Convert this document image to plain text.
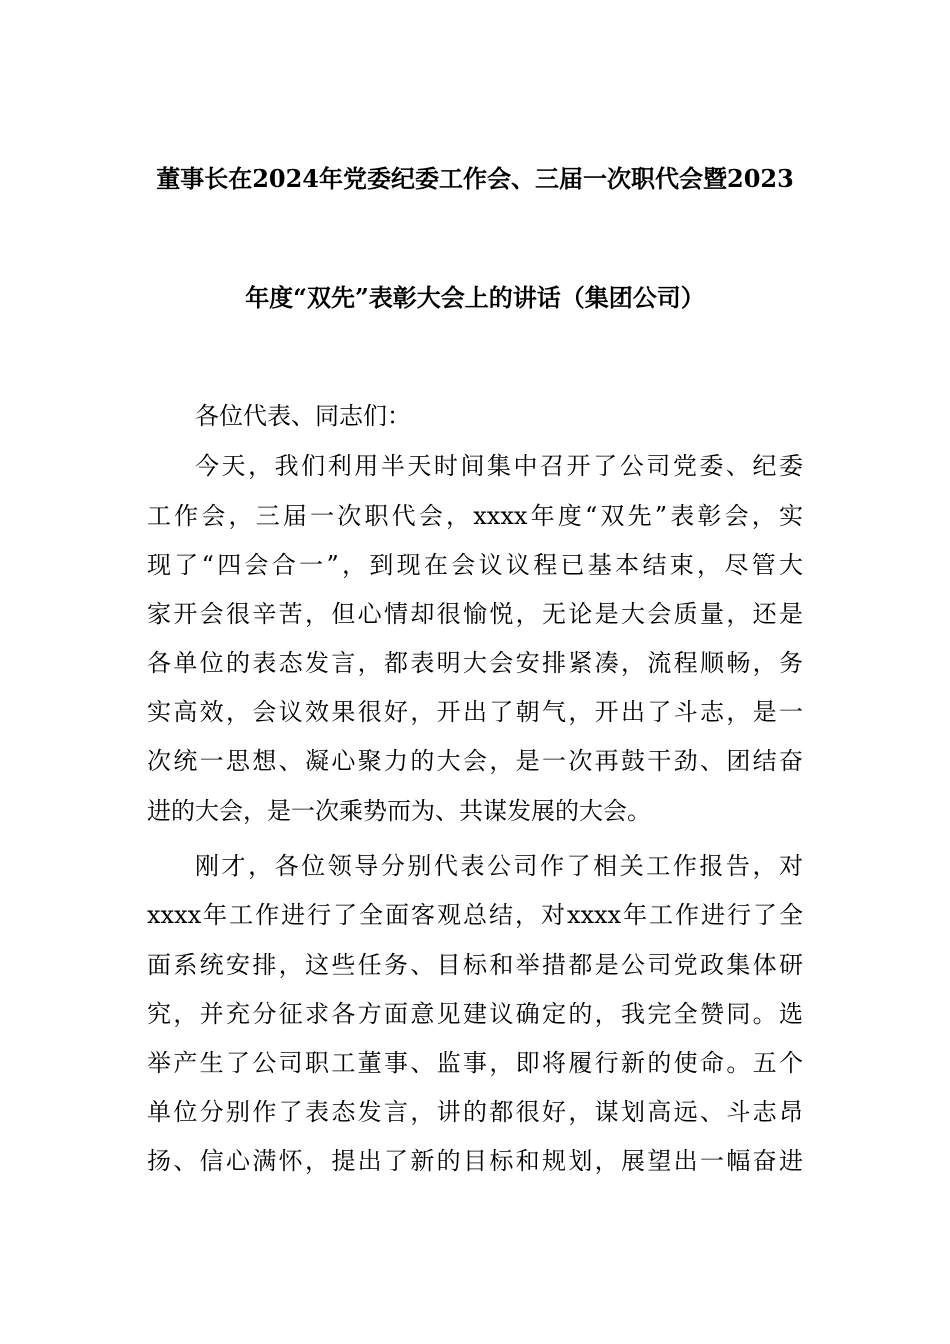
董事长在2024年党委纪委工作会、三届一次职代会暨2023
年度“双先”表彰大会上的讲话（集团公司）
各位代表、同志们：
今天，我们利用半天时间集中召开了公司党委、纪委
工作会，三届一次职代会，xxxx年度“双先”表彰会，实
现了“四会合一”，到现在会议议程已基本结束，尽管大
家开会很辛苦，但心情却很愉悦，无论是大会质量，还是
各单位的表态发言，都表明大会安排紧凑，流程顺畅，务
实高效，会议效果很好，开出了朝气，开出了斗志，是一
次统一思想、凝心聚力的大会，是一次再鼓干劲、团结奋
进的大会，是一次乘势而为、共谋发展的大会。
刚才，各位领导分别代表公司作了相关工作报告，对
xxxx年工作进行了全面客观总结，对xxxx年工作进行了全
面系统安排，这些任务、目标和举措都是公司党政集体研
究，并充分征求各方面意见建议确定的，我完全赞同。选
举产生了公司职工董事、监事，即将履行新的使命。五个
单位分别作了表态发言，讲的都很好，谋划高远、斗志昂
扬、信心满怀，提出了新的目标和规划，展望出一幅奋进
